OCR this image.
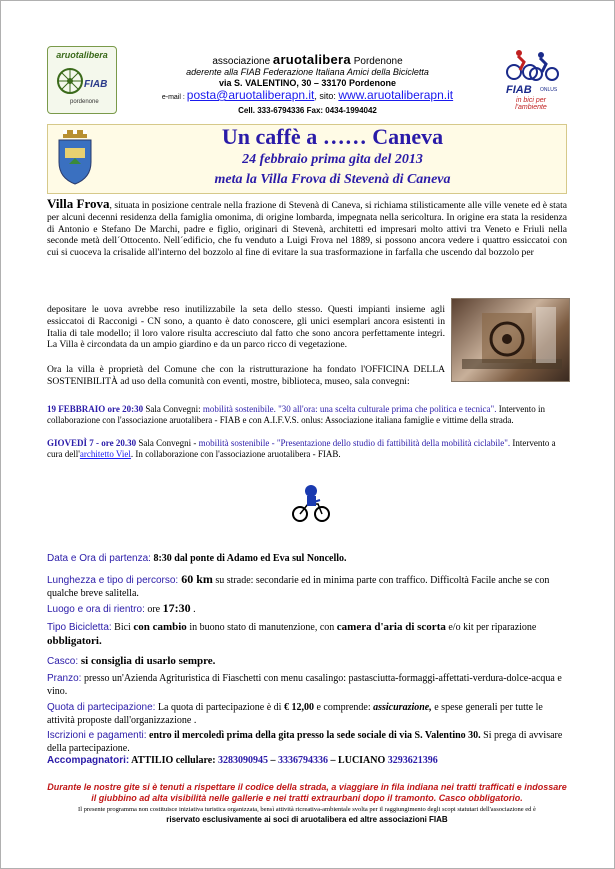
aruotalibera
FIAB
pordenone
FIAB ONLUS
in bici per l'ambiente
associazione aruotalibera Pordenone
aderente alla FIAB Federazione Italiana Amici della Bicicletta
via S. VALENTINO, 30 – 33170 Pordenone
e-mail : posta@aruotaliberapn.it, sito: www.aruotaliberapn.it
Cell. 333-6794336 Fax: 0434-1994042
Un caffè a …… Caneva
24 febbraio prima gita del 2013
meta la Villa Frova di Stevenà di Caneva
Villa Frova, situata in posizione centrale nella frazione di Stevenà di Caneva, si richiama stilisticamente alle ville venete ed è stata per alcuni decenni residenza della famiglia omonima, di origine lombarda, impegnata nella sericoltura. In origine era stata la residenza di Antonio e Stefano De Marchi, padre e figlio, originari di Stevenà, architetti ed impresari molto attivi tra Veneto e Friuli nella seconde metà dell´Ottocento. Nell´edificio, che fu venduto a Luigi Frova nel 1889, si possono ancora vedere i quattro essiccatoi con cui si cuoceva la crisalide all'interno del bozzolo al fine di evitare la sua trasformazione in farfalla che uscendo dal bozzolo per
depositare le uova avrebbe reso inutilizzabile la seta dello stesso. Questi impianti insieme agli essiccatoi di Racconigi - CN sono, a quanto è dato conoscere, gli unici esemplari ancora esistenti in Italia di tale modello; il loro valore risulta accresciuto dal fatto che sono ancora perfettamente integri. La Villa è circondata da un ampio giardino e da un parco ricco di vegetazione.
Ora la villa è proprietà del Comune che con la ristrutturazione ha fondato l'OFFICINA DELLA SOSTENIBILITÀ ad uso della comunità con eventi, mostre, biblioteca, museo, sala convegni:
19 FEBBRAIO ore 20:30 Sala Convegni: mobilità sostenibile. "30 all'ora: una scelta culturale prima che politica e tecnica". Intervento in collaborazione con l'associazione aruotalibera - FIAB e con A.I.F.V.S. onlus: Associazione italiana famiglie e vittime della strada.
GIOVEDÌ 7 - ore 20.30 Sala Convegni - mobilità sostenibile - "Presentazione dello studio di fattibilità della mobilità ciclabile". Intervento a cura dell'architetto Viel. In collaborazione con l'associazione aruotalibera - FIAB.
Data e Ora di partenza: 8:30 dal ponte di Adamo ed Eva sul Noncello.
Lunghezza e tipo di percorso: 60 km su strade: secondarie ed in minima parte con traffico. Difficoltà Facile anche se con qualche breve salitella.
Luogo e ora di rientro: ore 17:30 .
Tipo Bicicletta: Bici con cambio in buono stato di manutenzione, con camera d'aria di scorta e/o kit per riparazione obbligatori.
Casco: si consiglia di usarlo sempre.
Pranzo: presso un'Azienda Agrituristica di Fiaschetti con menu casalingo: pastasciutta-formaggi-affettati-verdura-dolce-acqua e vino.
Quota di partecipazione: La quota di partecipazione è di € 12,00 e comprende: assicurazione, e spese generali per tutte le attività proposte dall'organizzazione .
Iscrizioni e pagamenti: entro il mercoledì prima della gita presso la sede sociale di via S. Valentino 30. Si prega di avvisare della partecipazione.
Accompagnatori: ATTILIO cellulare: 3283090945 – 3336794336 – LUCIANO 3293621396
Durante le nostre gite si è tenuti a rispettare il codice della strada, a viaggiare in fila indiana nei tratti trafficati e indossare il giubbino ad alta visibilità nelle gallerie e nei tratti extraurbani dopo il tramonto. Casco obbligatorio.
Il presente programma non costituisce iniziativa turistica organizzata, bensì attività ricreativa-ambientale svolta per il raggiungimento degli scopi statutari dell'associazione ed è
riservato esclusivamente ai soci di aruotalibera ed altre associazioni FIAB
